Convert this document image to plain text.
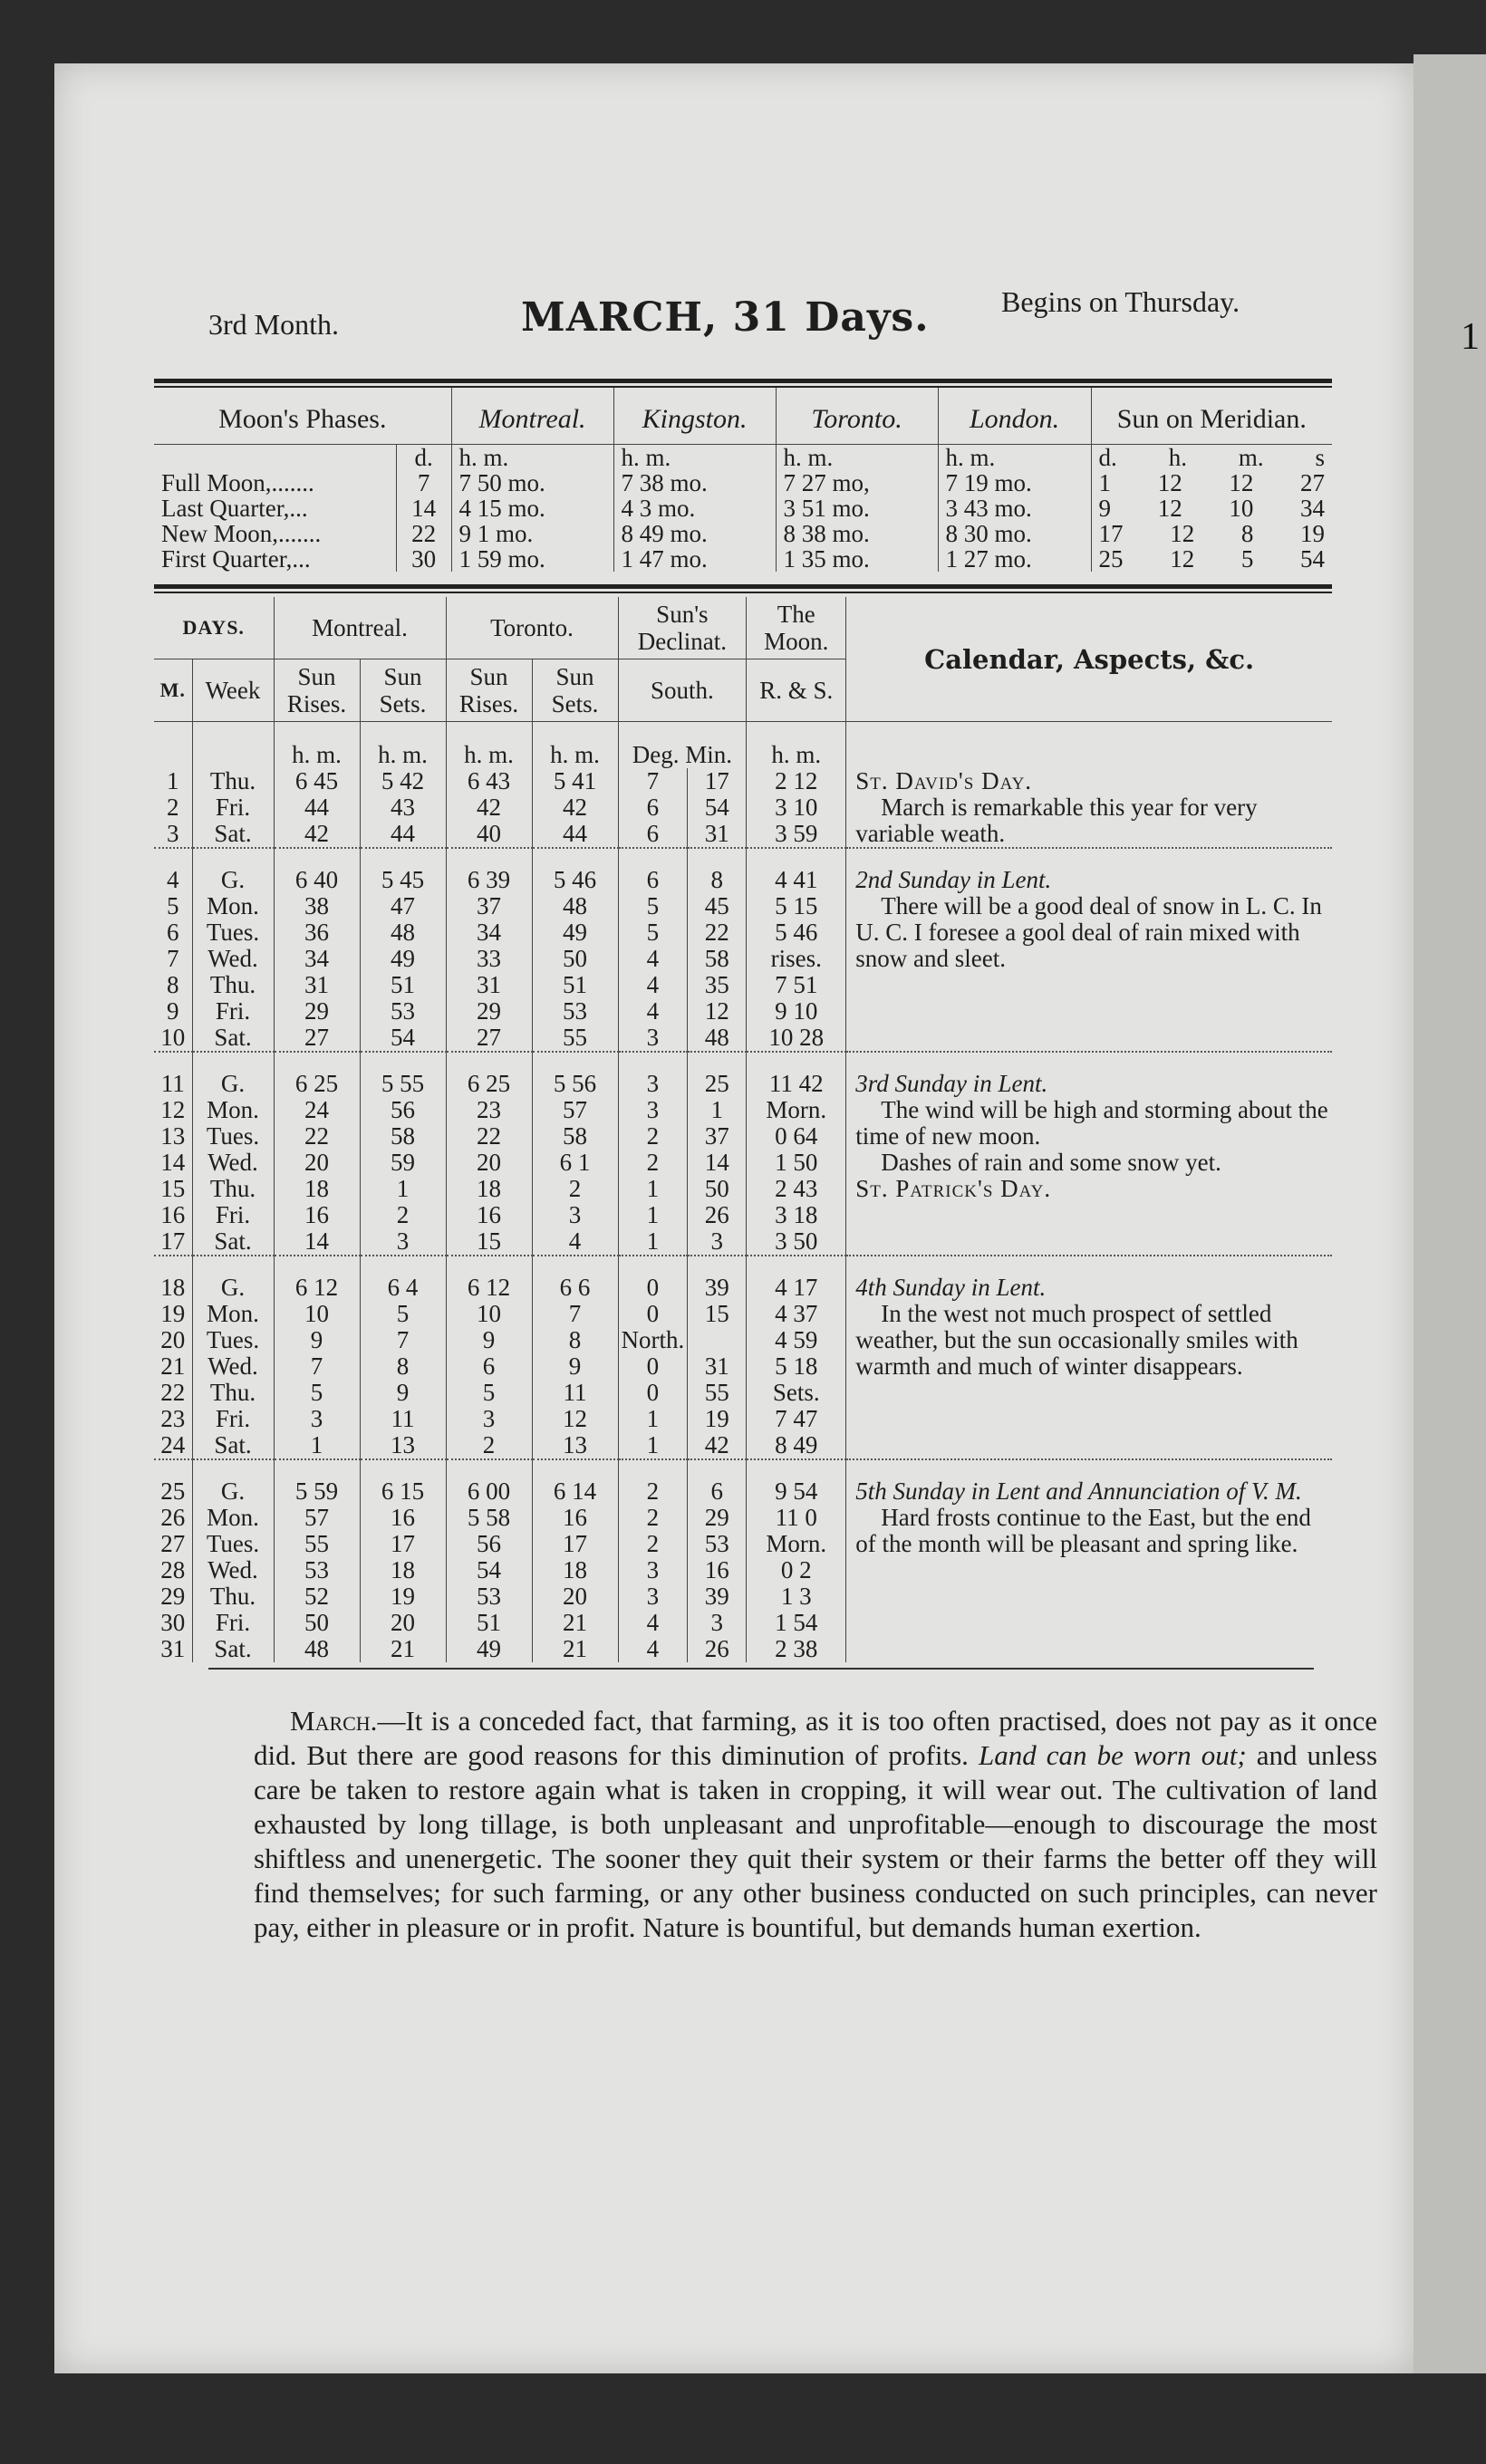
1
3rd Month.	MARCH, 31 Days. Begins on Thursday.
Moon's Phases.		Montreal.	Kingston.	Toronto.	London.	Sun on Meridian.
	d.	h. m.	h. m.	h. m.	h. m.	d. h. m. s

Full Moon,.......	7	7 50 mo.	7 38 mo.	7 27 mo,	7 19 mo.	1 12 12 27

Last Quarter,...	14	4 15 mo.	4 3 mo.	3 51 mo.	3 43 mo.	9 12 10 34

New Moon,.......	22	9 1 mo.	8 49 mo.	8 38 mo.	8 30 mo.	17 12 8 19

First Quarter,...	30	1 59 mo.	1 47 mo.	1 35 mo.	1 27 mo.	25 12 5 54
DAYS.		Montreal.		Toronto.		Sun's Declinat.		The Moon.	Calendar, Aspects, &c.
M.	Week	Sun Rises.	Sun Sets.	Sun Rises.	Sun Sets.	South.		R. & S.	
		h. m.	h. m.	h. m.	h. m.	Deg. Min.		h. m.	
1	Thu.	6 45	5 42	6 43	5 41	7	17	2 12	St. David's Day.

March is remarkable this year for very variable weath.

2	Fri.	44	43	42	42	6	54	3 10	
3	Sat.	42	44	40	44	6	31	3 59	
4	G.	6 40	5 45	6 39	5 46	6	8	4 41	2nd Sunday in Lent.

There will be a good deal of snow in L. C. In U. C. I foresee a gool deal of rain mixed with snow and sleet.

5	Mon.	38	47	37	48	5	45	5 15	
6	Tues.	36	48	34	49	5	22	5 46	
7	Wed.	34	49	33	50	4	58	rises.	
8	Thu.	31	51	31	51	4	35	7 51	
9	Fri.	29	53	29	53	4	12	9 10	
10	Sat.	27	54	27	55	3	48	10 28	
11	G.	6 25	5 55	6 25	5 56	3	25	11 42	3rd Sunday in Lent.

The wind will be high and storming about the time of new moon.

Dashes of rain and some snow yet.

St. Patrick's Day.

12	Mon.	24	56	23	57	3	1	Morn.	
13	Tues.	22	58	22	58	2	37	0 64	
14	Wed.	20	59	20	6 1	2	14	1 50	
15	Thu.	18	1	18	2	1	50	2 43	
16	Fri.	16	2	16	3	1	26	3 18	
17	Sat.	14	3	15	4	1	3	3 50	
18	G.	6 12	6 4	6 12	6 6	0	39	4 17	4th Sunday in Lent.

In the west not much prospect of settled weather, but the sun occasionally smiles with warmth and much of winter disappears.

19	Mon.	10	5	10	7	0	15	4 37	
20	Tues.	9	7	9	8	North.		4 59	
21	Wed.	7	8	6	9	0	31	5 18	
22	Thu.	5	9	5	11	0	55	Sets.	
23	Fri.	3	11	3	12	1	19	7 47	
24	Sat.	1	13	2	13	1	42	8 49	
25	G.	5 59	6 15	6 00	6 14	2	6	9 54	5th Sunday in Lent and Annunciation of V. M.

Hard frosts continue to the East, but the end of the month will be pleasant and spring like.

26	Mon.	57	16	5 58	16	2	29	11 0	
27	Tues.	55	17	56	17	2	53	Morn.	
28	Wed.	53	18	54	18	3	16	0 2	
29	Thu.	52	19	53	20	3	39	1 3	
30	Fri.	50	20	51	21	4	3	1 54	
31	Sat.	48	21	49	21	4	26	2 38	

March.—It is a conceded fact, that farming, as it is too often practised, does not pay as it once did. But there are good reasons for this diminution of profits. Land can be worn out; and unless care be taken to restore again what is taken in cropping, it will wear out. The cultivation of land exhausted by long tillage, is both unpleasant and unprofitable—enough to discourage the most shiftless and unenergetic. The sooner they quit their system or their farms the better off they will find themselves; for such farming, or any other business conducted on such principles, can never pay, either in pleasure or in profit. Nature is bountiful, but demands human exertion.
